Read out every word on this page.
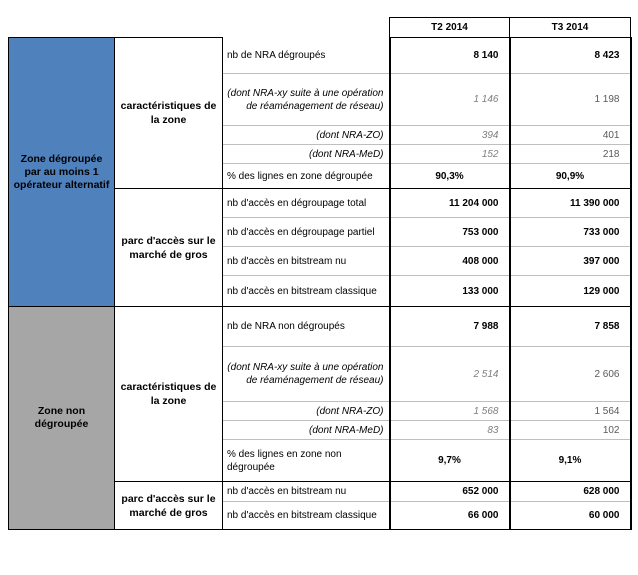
			T2 2014	T3 2014
Zone dégroupée par au moins 1 opérateur alternatif	caractéristiques de la zone	nb de NRA dégroupés	8 140	8 423
		(dont NRA-xy suite à une opération de réaménagement de réseau)	1 146	1 198
		(dont NRA-ZO)	394	401
		(dont NRA-MeD)	152	218
		% des lignes en zone dégroupée	90,3%	90,9%
	parc d'accès sur le marché de gros	nb d'accès en dégroupage total	11 204 000	11 390 000
		nb d'accès en dégroupage partiel	753 000	733 000
		nb d'accès en bitstream nu	408 000	397 000
		nb d'accès en bitstream classique	133 000	129 000
Zone non dégroupée	caractéristiques de la zone	nb de NRA non dégroupés	7 988	7 858
		(dont NRA-xy suite à une opération de réaménagement de réseau)	2 514	2 606
		(dont NRA-ZO)	1 568	1 564
		(dont NRA-MeD)	83	102
		% des lignes en zone non dégroupée	9,7%	9,1%
	parc d'accès sur le marché de gros	nb d'accès en bitstream nu	652 000	628 000
		nb d'accès en bitstream classique	66 000	60 000
